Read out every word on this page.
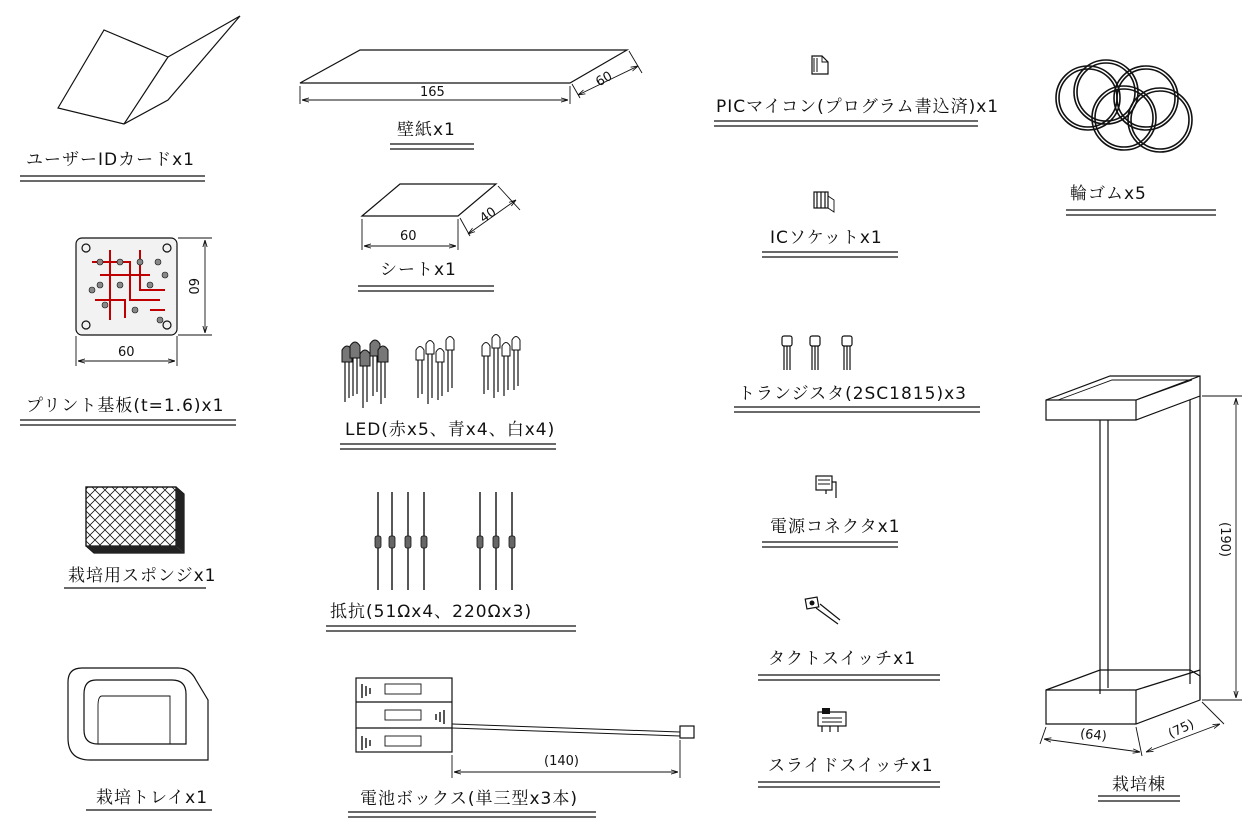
ユーザーIDカードx1
プリント基板(t=1.6)x1
60
60
栽培用スポンジx1
栽培トレイx1
壁紙x1
165
60
シートx1
60
40
LED(赤x5、青x4、白x4)
抵抗(51Ωx4、220Ωx3)
電池ボックス(単三型x3本)
(140)
PICマイコン(プログラム書込済)x1
ICソケットx1
トランジスタ(2SC1815)x3
電源コネクタx1
タクトスイッチx1
スライドスイッチx1
輪ゴムx5
栽培棟
(190)
(64)	(75)
